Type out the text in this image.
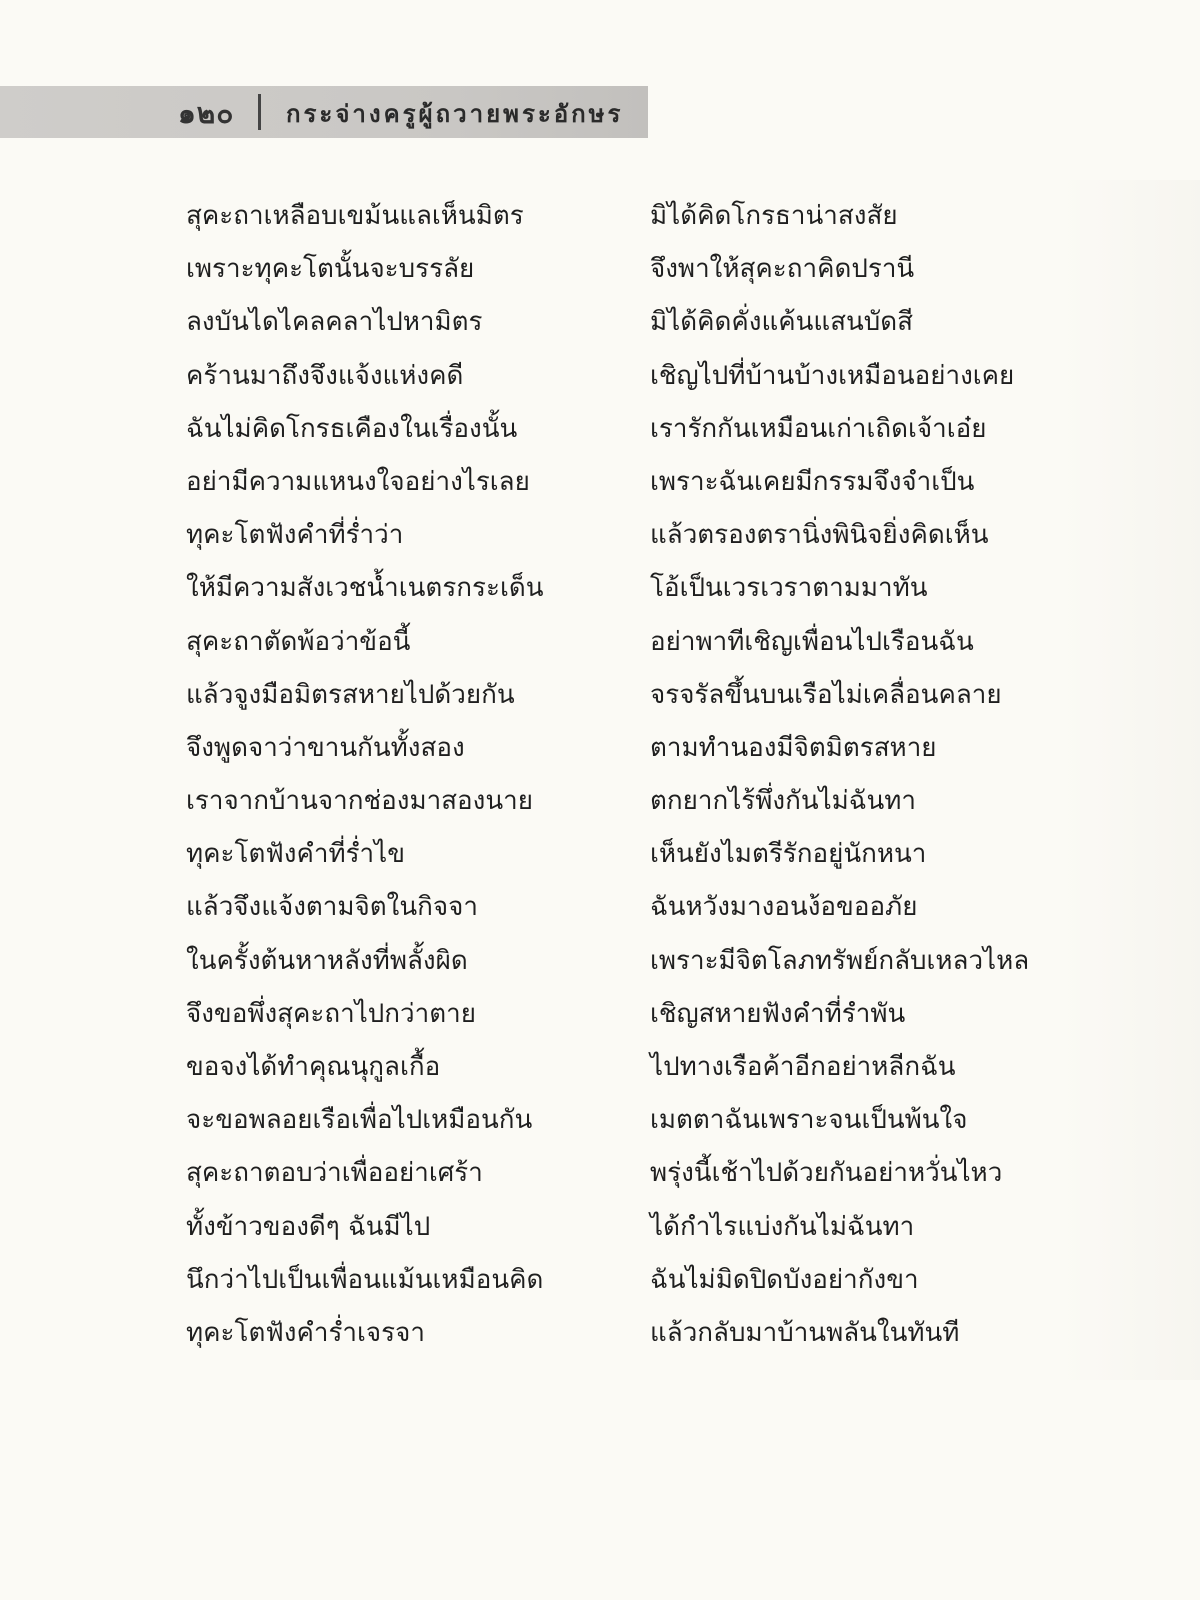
๑๒๐ กระจ่างครูผู้ถวายพระอักษร
สุคะถาเหลือบเขม้นแลเห็นมิตร
เพราะทุคะโตนั้นจะบรรลัย
ลงบันไดไคลคลาไปหามิตร
คร้านมาถึงจึงแจ้งแห่งคดี
ฉันไม่คิดโกรธเคืองในเรื่องนั้น
อย่ามีความแหนงใจอย่างไรเลย
ทุคะโตฟังคำที่ร่ำว่า
ให้มีความสังเวชน้ำเนตรกระเด็น
สุคะถาตัดพ้อว่าข้อนี้
แล้วจูงมือมิตรสหายไปด้วยกัน
จึงพูดจาว่าขานกันทั้งสอง
เราจากบ้านจากช่องมาสองนาย
ทุคะโตฟังคำที่ร่ำไข
แล้วจึงแจ้งตามจิตในกิจจา
ในครั้งต้นหาหลังที่พลั้งผิด
จึงขอพึ่งสุคะถาไปกว่าตาย
ขอจงได้ทำคุณนุกูลเกื้อ
จะขอพลอยเรือเพื่อไปเหมือนกัน
สุคะถาตอบว่าเพื่ออย่าเศร้า
ทั้งข้าวของดีๆ ฉันมีไป
นึกว่าไปเป็นเพื่อนแม้นเหมือนคิด
ทุคะโตฟังคำร่ำเจรจา
มิได้คิดโกรธาน่าสงสัย
จึงพาให้สุคะถาคิดปรานี
มิได้คิดคั่งแค้นแสนบัดสี
เชิญไปที่บ้านบ้างเหมือนอย่างเคย
เรารักกันเหมือนเก่าเถิดเจ้าเอ๋ย
เพราะฉันเคยมีกรรมจึงจำเป็น
แล้วตรองตรานิ่งพินิจยิ่งคิดเห็น
โอ้เป็นเวรเวราตามมาทัน
อย่าพาทีเชิญเพื่อนไปเรือนฉัน
จรจรัลขึ้นบนเรือไม่เคลื่อนคลาย
ตามทำนองมีจิตมิตรสหาย
ตกยากไร้พึ่งกันไม่ฉันทา
เห็นยังไมตรีรักอยู่นักหนา
ฉันหวังมางอนง้อขออภัย
เพราะมีจิตโลภทรัพย์กลับเหลวไหล
เชิญสหายฟังคำที่รำพัน
ไปทางเรือค้าอีกอย่าหลีกฉัน
เมตตาฉันเพราะจนเป็นพ้นใจ
พรุ่งนี้เช้าไปด้วยกันอย่าหวั่นไหว
ได้กำไรแบ่งกันไม่ฉันทา
ฉันไม่มิดปิดบังอย่ากังขา
แล้วกลับมาบ้านพลันในทันที
